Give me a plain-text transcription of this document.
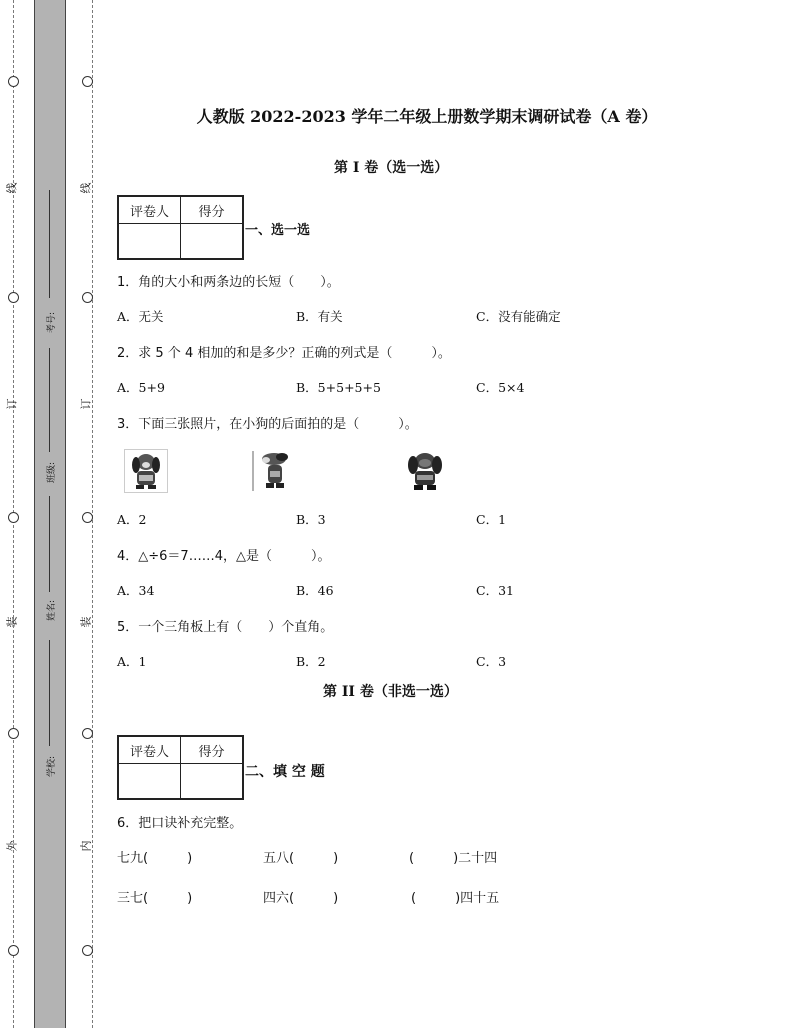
线
订
装
外
线
订
装
内
考号:
班级:
姓名:
学校:
人教版 2022-2023 学年二年级上册数学期末调研试卷（A 卷）
第 I 卷（选一选）
评卷人	得分

一、选一选
1．角的大小和两条边的长短（　　）。
A．无关	B．有关	C．没有能确定
2．求 5 个 4 相加的和是多少？正确的列式是（　　　）。
A．5+9	B．5+5+5+5	C．5×4
3．下面三张照片，在小狗的后面拍的是（　　　）。
A．2	B．3	C．1
4．△÷6＝7……4，△是（　　　）。
A．34	B．46	C．31
5．一个三角板上有（　　）个直角。
A．1	B．2	C．3
第 II 卷（非选一选）
评卷人	得分

二、填 空 题
6．把口诀补充完整。
七九(　　　)	五八(　　　)	(　　　)二十四
三七(　　　)	四六(　　　)	(　　　)四十五
